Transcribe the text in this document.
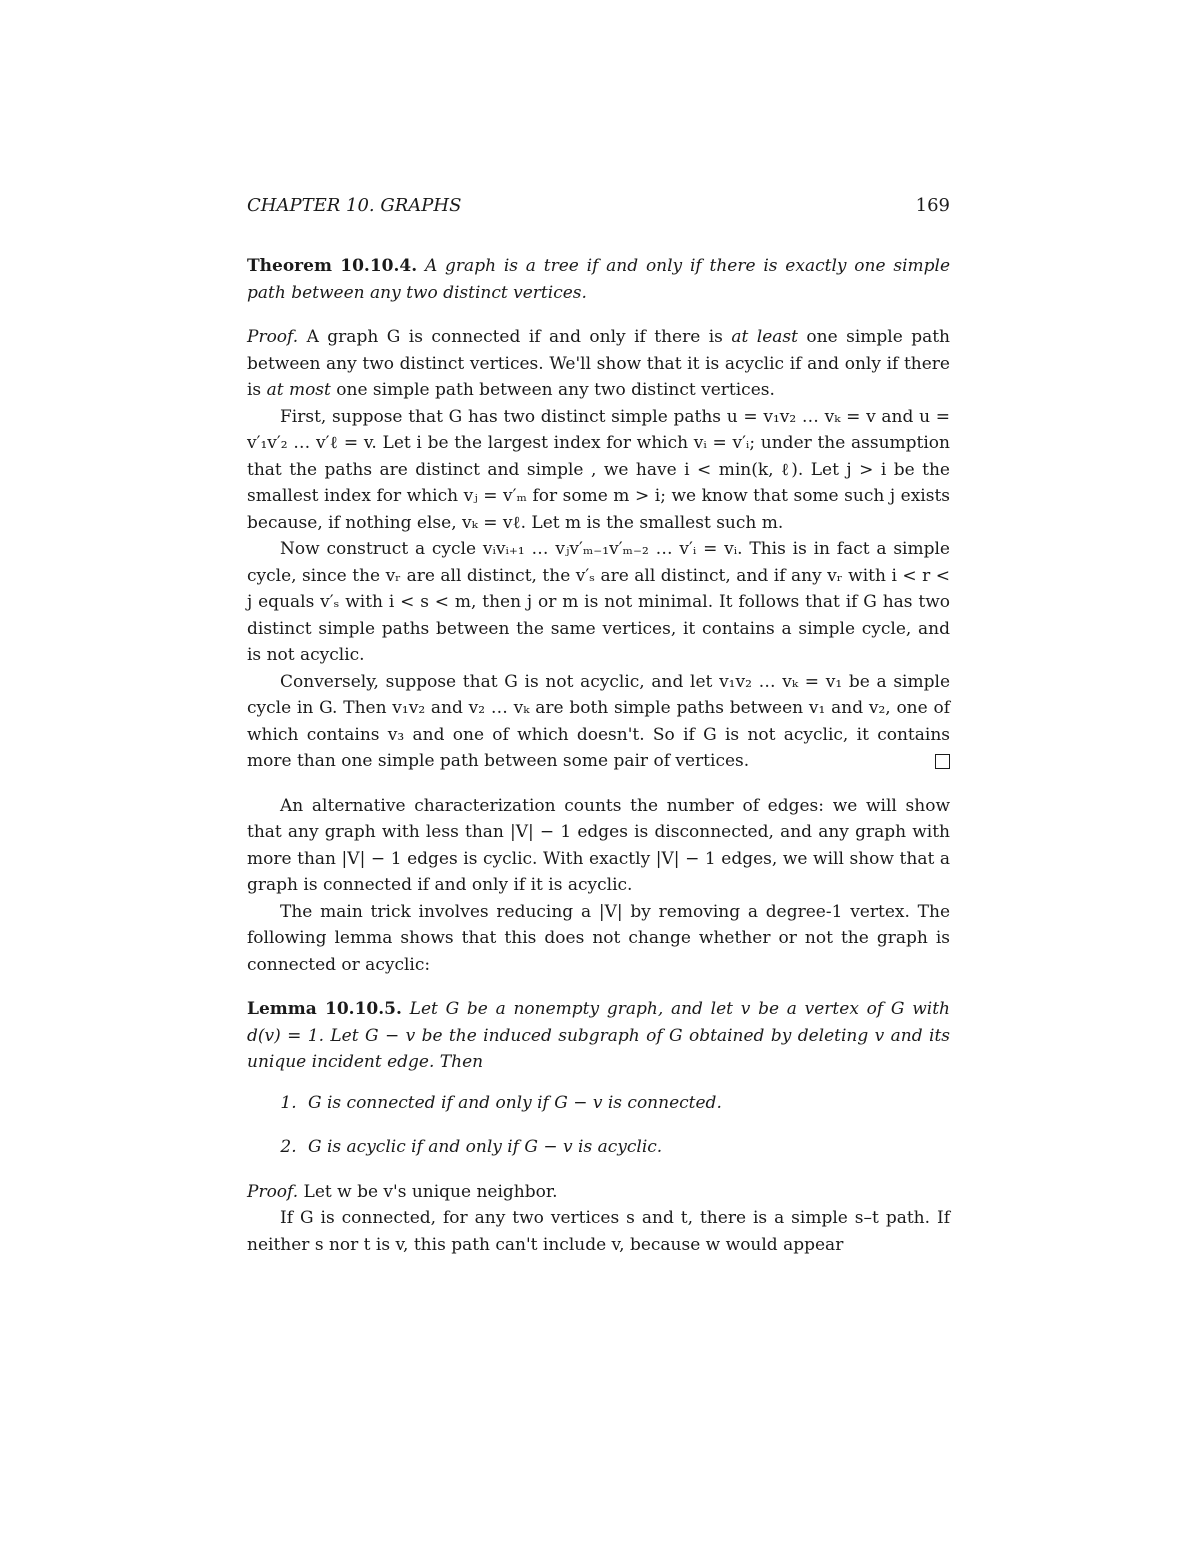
CHAPTER 10. GRAPHS	169

Theorem 10.10.4. A graph is a tree if and only if there is exactly one simple path between any two distinct vertices.

Proof. A graph G is connected if and only if there is at least one simple path between any two distinct vertices. We'll show that it is acyclic if and only if there is at most one simple path between any two distinct vertices.

First, suppose that G has two distinct simple paths u = v₁v₂ … vₖ = v and u = v′₁v′₂ … v′ℓ = v. Let i be the largest index for which vᵢ = v′ᵢ; under the assumption that the paths are distinct and simple , we have i < min(k, ℓ). Let j > i be the smallest index for which vⱼ = v′ₘ for some m > i; we know that some such j exists because, if nothing else, vₖ = vℓ. Let m is the smallest such m.

Now construct a cycle vᵢvᵢ₊₁ … vⱼv′ₘ₋₁v′ₘ₋₂ … v′ᵢ = vᵢ. This is in fact a simple cycle, since the vᵣ are all distinct, the v′ₛ are all distinct, and if any vᵣ with i < r < j equals v′ₛ with i < s < m, then j or m is not minimal. It follows that if G has two distinct simple paths between the same vertices, it contains a simple cycle, and is not acyclic.

Conversely, suppose that G is not acyclic, and let v₁v₂ … vₖ = v₁ be a simple cycle in G. Then v₁v₂ and v₂ … vₖ are both simple paths between v₁ and v₂, one of which contains v₃ and one of which doesn't. So if G is not acyclic, it contains more than one simple path between some pair of vertices.

An alternative characterization counts the number of edges: we will show that any graph with less than |V| − 1 edges is disconnected, and any graph with more than |V| − 1 edges is cyclic. With exactly |V| − 1 edges, we will show that a graph is connected if and only if it is acyclic.

The main trick involves reducing a |V| by removing a degree-1 vertex. The following lemma shows that this does not change whether or not the graph is connected or acyclic:

Lemma 10.10.5. Let G be a nonempty graph, and let v be a vertex of G with d(v) = 1. Let G − v be the induced subgraph of G obtained by deleting v and its unique incident edge. Then

1. G is connected if and only if G − v is connected.
2. G is acyclic if and only if G − v is acyclic.

Proof. Let w be v's unique neighbor.

If G is connected, for any two vertices s and t, there is a simple s–t path. If neither s nor t is v, this path can't include v, because w would appear
